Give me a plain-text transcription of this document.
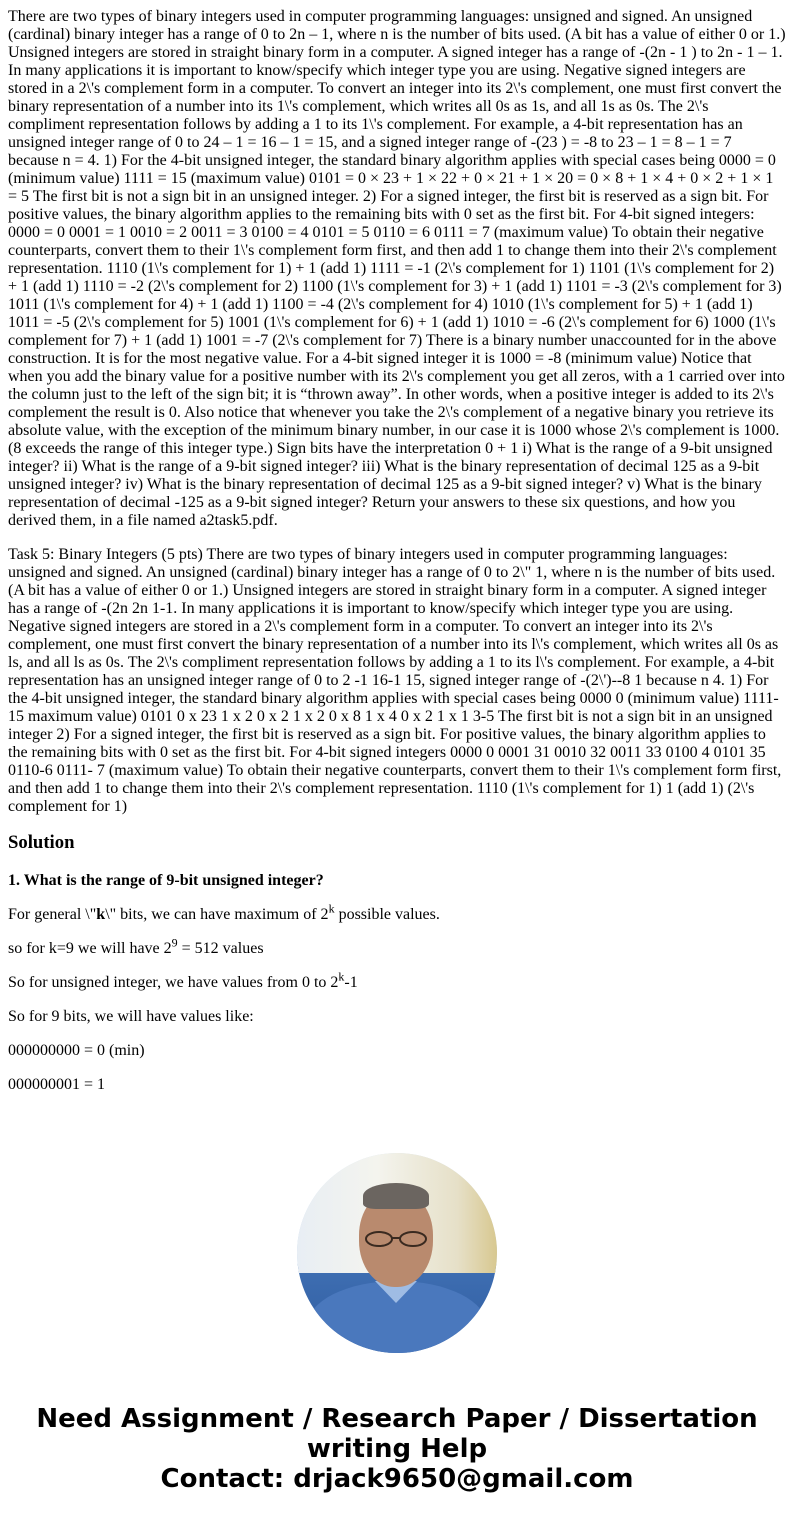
There are two types of binary integers used in computer programming languages: unsigned and signed. An unsigned (cardinal) binary integer has a range of 0 to 2n – 1, where n is the number of bits used. (A bit has a value of either 0 or 1.) Unsigned integers are stored in straight binary form in a computer. A signed integer has a range of -(2n - 1 ) to 2n - 1 – 1. In many applications it is important to know/specify which integer type you are using. Negative signed integers are stored in a 2\'s complement form in a computer. To convert an integer into its 2\'s complement, one must first convert the binary representation of a number into its 1\'s complement, which writes all 0s as 1s, and all 1s as 0s. The 2\'s compliment representation follows by adding a 1 to its 1\'s complement. For example, a 4-bit representation has an unsigned integer range of 0 to 24 – 1 = 16 – 1 = 15, and a signed integer range of -(23 ) = -8 to 23 – 1 = 8 – 1 = 7 because n = 4. 1) For the 4-bit unsigned integer, the standard binary algorithm applies with special cases being 0000 = 0 (minimum value) 1111 = 15 (maximum value) 0101 = 0 × 23 + 1 × 22 + 0 × 21 + 1 × 20 = 0 × 8 + 1 × 4 + 0 × 2 + 1 × 1 = 5 The first bit is not a sign bit in an unsigned integer. 2) For a signed integer, the first bit is reserved as a sign bit. For positive values, the binary algorithm applies to the remaining bits with 0 set as the first bit. For 4-bit signed integers: 0000 = 0 0001 = 1 0010 = 2 0011 = 3 0100 = 4 0101 = 5 0110 = 6 0111 = 7 (maximum value) To obtain their negative counterparts, convert them to their 1\'s complement form first, and then add 1 to change them into their 2\'s complement representation. 1110 (1\'s complement for 1) + 1 (add 1) 1111 = -1 (2\'s complement for 1) 1101 (1\'s complement for 2) + 1 (add 1) 1110 = -2 (2\'s complement for 2) 1100 (1\'s complement for 3) + 1 (add 1) 1101 = -3 (2\'s complement for 3) 1011 (1\'s complement for 4) + 1 (add 1) 1100 = -4 (2\'s complement for 4) 1010 (1\'s complement for 5) + 1 (add 1) 1011 = -5 (2\'s complement for 5) 1001 (1\'s complement for 6) + 1 (add 1) 1010 = -6 (2\'s complement for 6) 1000 (1\'s complement for 7) + 1 (add 1) 1001 = -7 (2\'s complement for 7) There is a binary number unaccounted for in the above construction. It is for the most negative value. For a 4-bit signed integer it is 1000 = -8 (minimum value) Notice that when you add the binary value for a positive number with its 2\'s complement you get all zeros, with a 1 carried over into the column just to the left of the sign bit; it is “thrown away”. In other words, when a positive integer is added to its 2\'s complement the result is 0. Also notice that whenever you take the 2\'s complement of a negative binary you retrieve its absolute value, with the exception of the minimum binary number, in our case it is 1000 whose 2\'s complement is 1000. (8 exceeds the range of this integer type.) Sign bits have the interpretation 0 + 1 i) What is the range of a 9-bit unsigned integer? ii) What is the range of a 9-bit signed integer? iii) What is the binary representation of decimal 125 as a 9-bit unsigned integer? iv) What is the binary representation of decimal 125 as a 9-bit signed integer? v) What is the binary representation of decimal -125 as a 9-bit signed integer? Return your answers to these six questions, and how you derived them, in a file named a2task5.pdf.

Task 5: Binary Integers (5 pts) There are two types of binary integers used in computer programming languages: unsigned and signed. An unsigned (cardinal) binary integer has a range of 0 to 2\" 1, where n is the number of bits used. (A bit has a value of either 0 or 1.) Unsigned integers are stored in straight binary form in a computer. A signed integer has a range of -(2n 2n 1-1. In many applications it is important to know/specify which integer type you are using. Negative signed integers are stored in a 2\'s complement form in a computer. To convert an integer into its 2\'s complement, one must first convert the binary representation of a number into its l\'s complement, which writes all 0s as ls, and all ls as 0s. The 2\'s compliment representation follows by adding a 1 to its l\'s complement. For example, a 4-bit representation has an unsigned integer range of 0 to 2 -1 16-1 15, signed integer range of -(2\')--8 1 because n 4. 1) For the 4-bit unsigned integer, the standard binary algorithm applies with special cases being 0000 0 (minimum value) 1111- 15 maximum value) 0101 0 x 23 1 x 2 0 x 2 1 x 2 0 x 8 1 x 4 0 x 2 1 x 1 3-5 The first bit is not a sign bit in an unsigned integer 2) For a signed integer, the first bit is reserved as a sign bit. For positive values, the binary algorithm applies to the remaining bits with 0 set as the first bit. For 4-bit signed integers 0000 0 0001 31 0010 32 0011 33 0100 4 0101 35 0110-6 0111- 7 (maximum value) To obtain their negative counterparts, convert them to their 1\'s complement form first, and then add 1 to change them into their 2\'s complement representation. 1110 (1\'s complement for 1) 1 (add 1) (2\'s complement for 1)

Solution
1. What is the range of 9-bit unsigned integer?

For general \"k\" bits, we can have maximum of 2$^k$ possible values.

so for k=9 we will have $2^9 = 512$ values

So for unsigned integer, we have values from 0 to 2$^k$-1

So for 9 bits, we will have values like:

000000000 = 0 (min)

000000001 = 1

Need Assignment / Research Paper / Dissertation
writing Help
Contact: drjack9650@gmail.com
